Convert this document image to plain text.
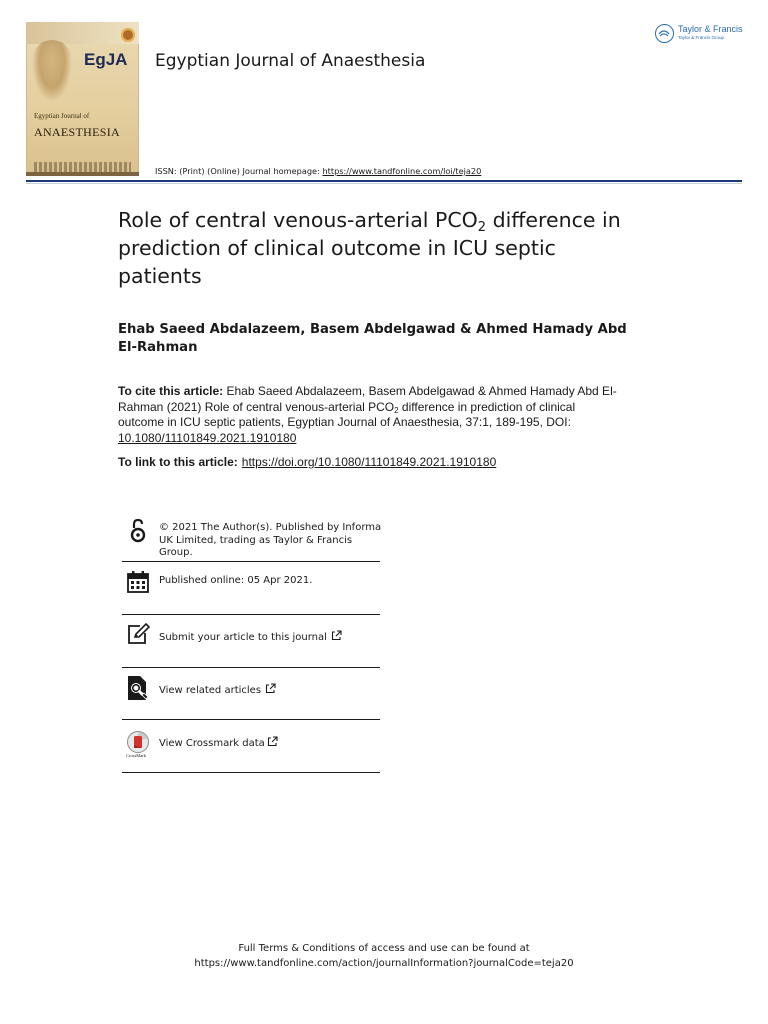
EgJA
Egyptian Journal of
ANAESTHESIA
Egyptian Journal of Anaesthesia
ISSN: (Print) (Online) Journal homepage: https://www.tandfonline.com/loi/teja20
Taylor & Francis
Taylor & Francis Group
Role of central venous-arterial $PCO_2$ difference in prediction of clinical outcome in ICU septic patients
Ehab Saeed Abdalazeem, Basem Abdelgawad & Ahmed Hamady Abd El-Rahman
To cite this article: Ehab Saeed Abdalazeem, Basem Abdelgawad & Ahmed Hamady Abd El-Rahman (2021) Role of central venous-arterial $PCO_2$ difference in prediction of clinical outcome in ICU septic patients, Egyptian Journal of Anaesthesia, 37:1, 189-195, DOI: 10.1080/11101849.2021.1910180
To link to this article: https://doi.org/10.1080/11101849.2021.1910180
© 2021 The Author(s). Published by Informa UK Limited, trading as Taylor & Francis Group.
Published online: 05 Apr 2021.
Submit your article to this journal
View related articles
CrossMark
View Crossmark data
Full Terms & Conditions of access and use can be found at
https://www.tandfonline.com/action/journalInformation?journalCode=teja20
